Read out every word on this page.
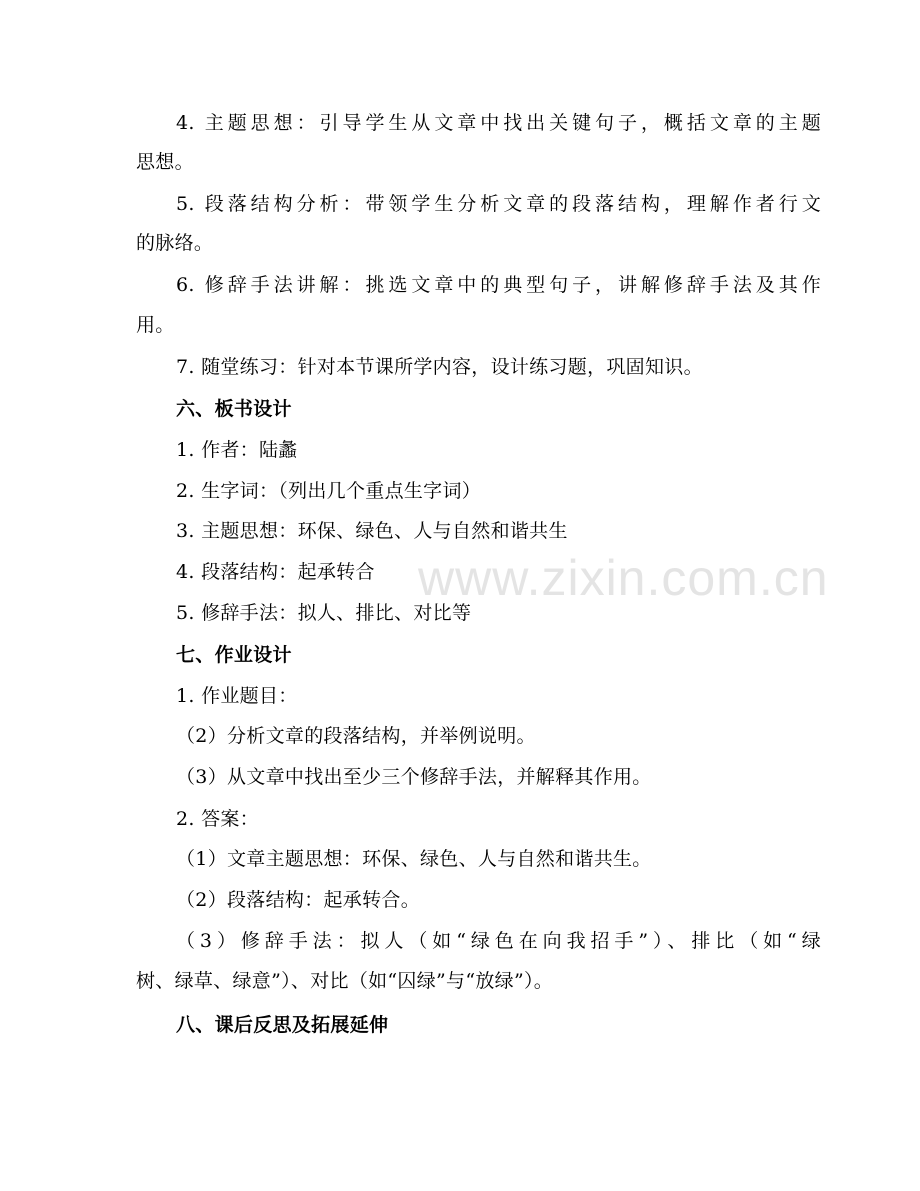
www.zixin.com.cn
4. 主题思想：引导学生从文章中找出关键句子，概括文章的主题
思想。
5. 段落结构分析：带领学生分析文章的段落结构，理解作者行文
的脉络。
6. 修辞手法讲解：挑选文章中的典型句子，讲解修辞手法及其作
用。
7. 随堂练习：针对本节课所学内容，设计练习题，巩固知识。
六、板书设计
1. 作者：陆蠡
2. 生字词：（列出几个重点生字词）
3. 主题思想：环保、绿色、人与自然和谐共生
4. 段落结构：起承转合
5. 修辞手法：拟人、排比、对比等
七、作业设计
1. 作业题目：
（2）分析文章的段落结构，并举例说明。
（3）从文章中找出至少三个修辞手法，并解释其作用。
2. 答案：
（1）文章主题思想：环保、绿色、人与自然和谐共生。
（2）段落结构：起承转合。
（3）修辞手法：拟人（如“绿色在向我招手”）、排比（如“绿
树、绿草、绿意”）、对比（如“囚绿”与“放绿”）。
八、课后反思及拓展延伸
